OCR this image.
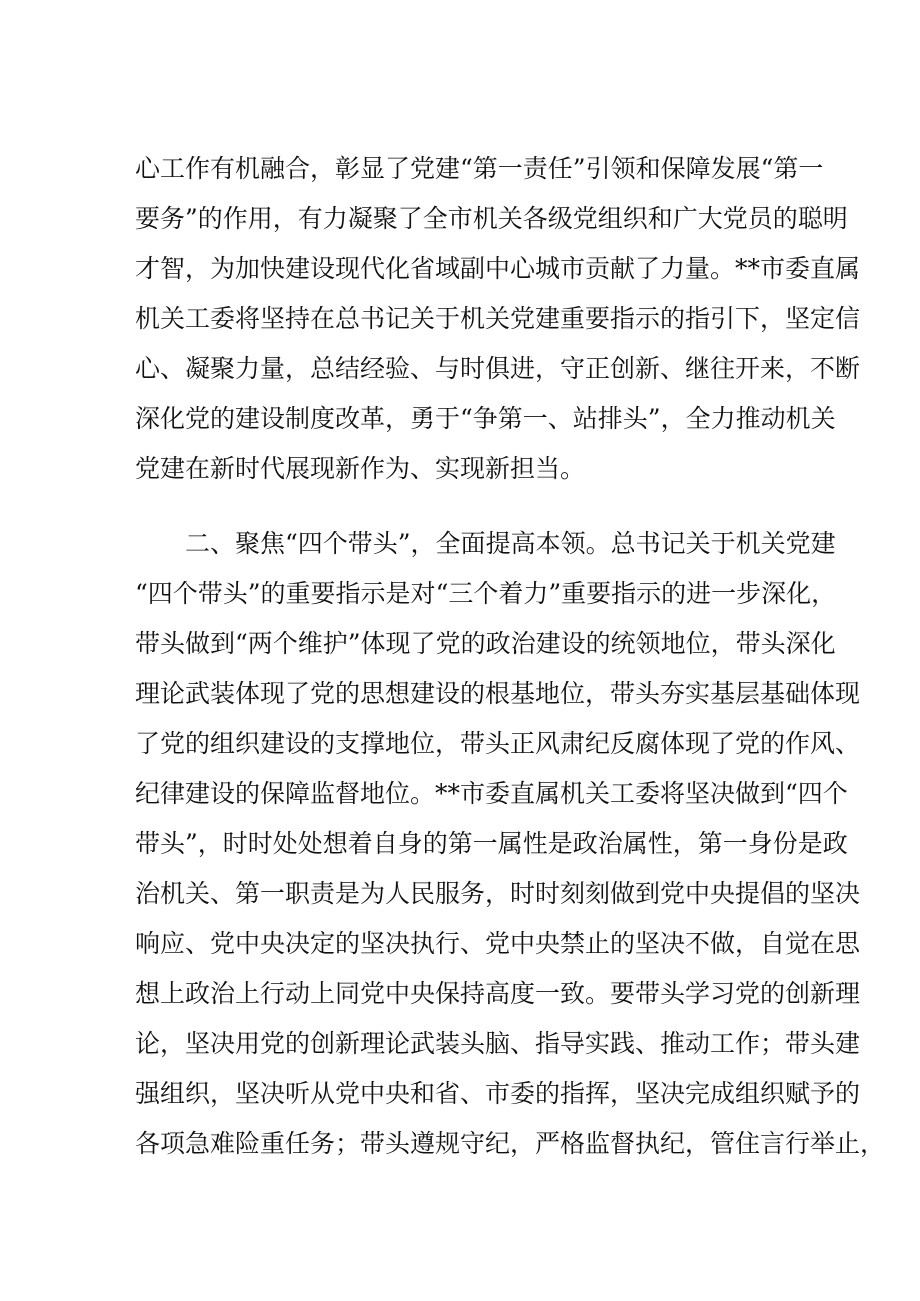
心工作有机融合，彰显了党建“第一责任”引领和保障发展“第一
要务”的作用，有力凝聚了全市机关各级党组织和广大党员的聪明
才智，为加快建设现代化省域副中心城市贡献了力量。**市委直属
机关工委将坚持在总书记关于机关党建重要指示的指引下，坚定信
心、凝聚力量，总结经验、与时俱进，守正创新、继往开来，不断
深化党的建设制度改革，勇于“争第一、站排头”，全力推动机关
党建在新时代展现新作为、实现新担当。
二、聚焦“四个带头”，全面提高本领。总书记关于机关党建
“四个带头”的重要指示是对“三个着力”重要指示的进一步深化，
带头做到“两个维护”体现了党的政治建设的统领地位，带头深化
理论武装体现了党的思想建设的根基地位，带头夯实基层基础体现
了党的组织建设的支撑地位，带头正风肃纪反腐体现了党的作风、
纪律建设的保障监督地位。**市委直属机关工委将坚决做到“四个
带头”，时时处处想着自身的第一属性是政治属性，第一身份是政
治机关、第一职责是为人民服务，时时刻刻做到党中央提倡的坚决
响应、党中央决定的坚决执行、党中央禁止的坚决不做，自觉在思
想上政治上行动上同党中央保持高度一致。要带头学习党的创新理
论，坚决用党的创新理论武装头脑、指导实践、推动工作；带头建
强组织，坚决听从党中央和省、市委的指挥，坚决完成组织赋予的
各项急难险重任务；带头遵规守纪，严格监督执纪，管住言行举止，
